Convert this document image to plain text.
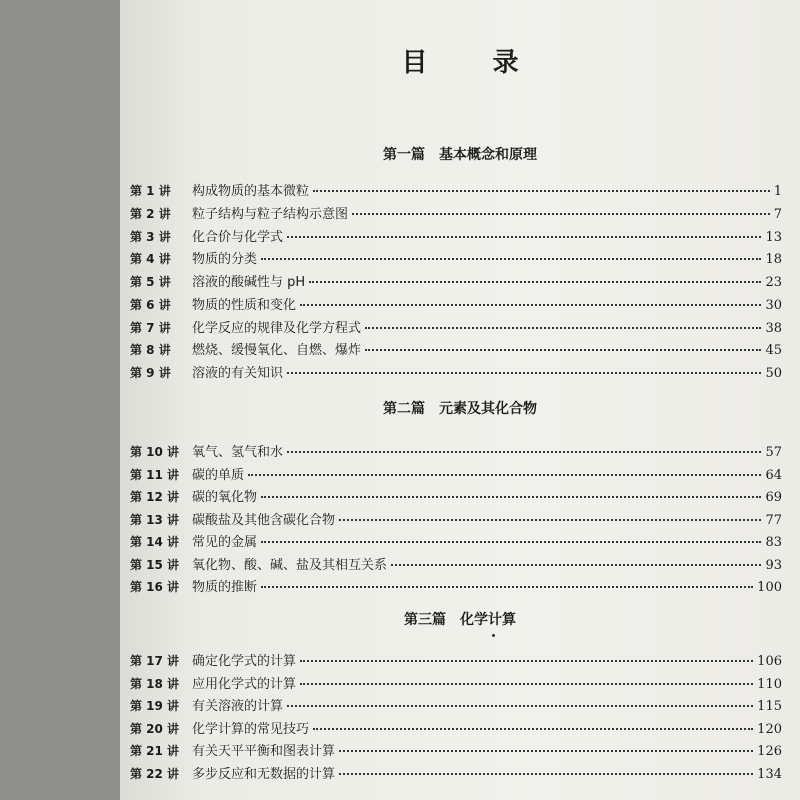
目 录
第一篇 基本概念和原理
第 1 讲	构成物质的基本微粒	1
第 2 讲	粒子结构与粒子结构示意图	7
第 3 讲	化合价与化学式	13
第 4 讲	物质的分类	18
第 5 讲	溶液的酸碱性与 pH	23
第 6 讲	物质的性质和变化	30
第 7 讲	化学反应的规律及化学方程式	38
第 8 讲	燃烧、缓慢氧化、自燃、爆炸	45
第 9 讲	溶液的有关知识	50
第二篇 元素及其化合物
第 10 讲 氧气、氢气和水	57
第 11 讲 碳的单质	64
第 12 讲 碳的氧化物	69
第 13 讲 碳酸盐及其他含碳化合物	77
第 14 讲 常见的金属	83
第 15 讲 氧化物、酸、碱、盐及其相互关系	93
第 16 讲 物质的推断	100
第三篇 化学计算
第 17 讲 确定化学式的计算	106
第 18 讲 应用化学式的计算	110
第 19 讲 有关溶液的计算	115
第 20 讲 化学计算的常见技巧	120
第 21 讲 有关天平平衡和图表计算	126
第 22 讲 多步反应和无数据的计算	134
